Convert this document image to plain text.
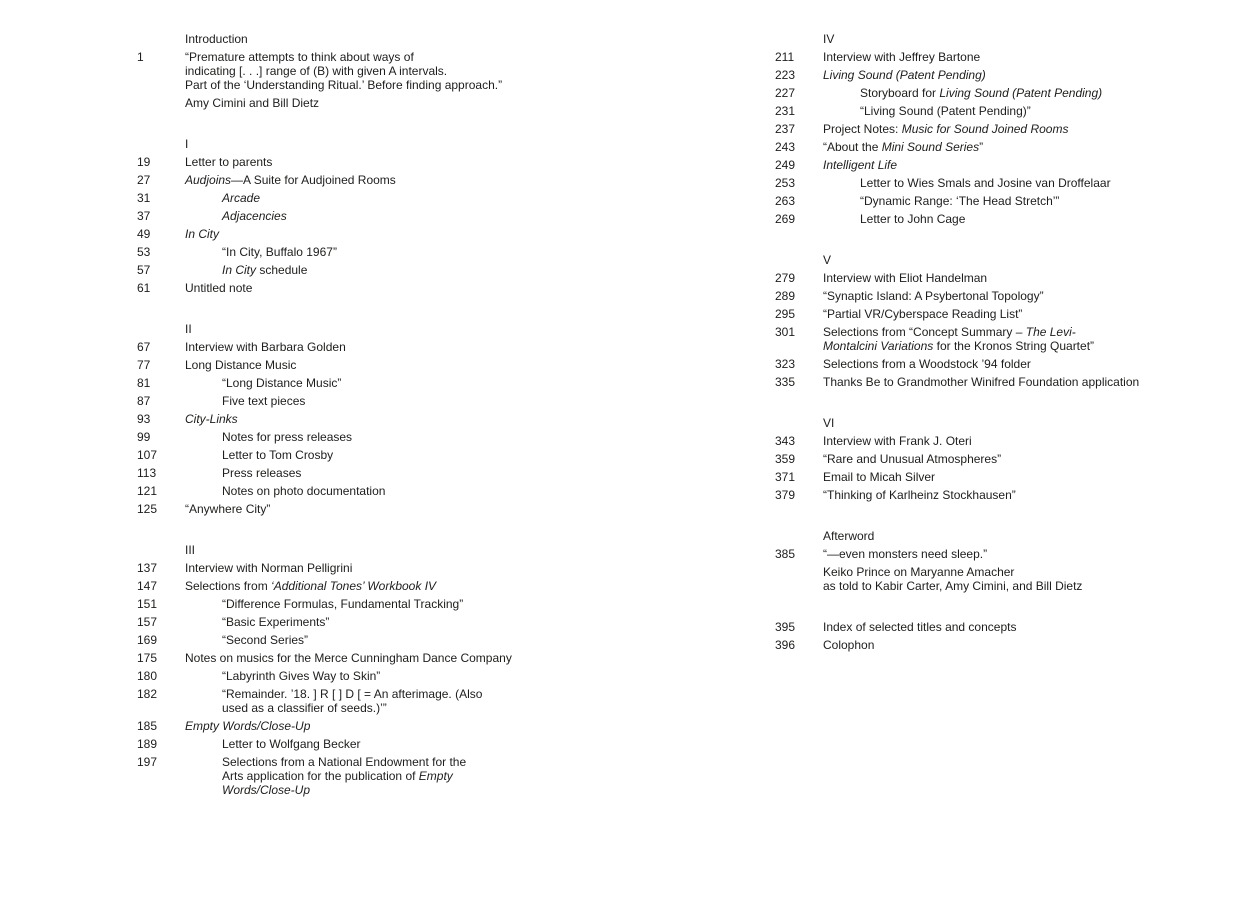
Introduction
1	“Premature attempts to think about ways of
indicating [. . .] range of (B) with given A intervals.
Part of the ‘Understanding Ritual.’ Before finding approach.”
Amy Cimini and Bill Dietz
I
19	Letter to parents
27	Audjoins—A Suite for Audjoined Rooms
31	Arcade
37	Adjacencies
49	In City
53	“In City, Buffalo 1967”
57	In City schedule
61	Untitled note
II
67	Interview with Barbara Golden
77	Long Distance Music
81	“Long Distance Music”
87	Five text pieces
93	City-Links
99	Notes for press releases
107	Letter to Tom Crosby
113	Press releases
121	Notes on photo documentation
125	“Anywhere City”
III
137	Interview with Norman Pelligrini
147	Selections from ‘Additional Tones’ Workbook IV
151	“Difference Formulas, Fundamental Tracking”
157	“Basic Experiments”
169	“Second Series”
175	Notes on musics for the Merce Cunningham Dance Company
180	“Labyrinth Gives Way to Skin”
182	“Remainder. ’18. ] R [ ] D [ = An afterimage. (Also
used as a classifier of seeds.)’”
185	Empty Words/Close-Up
189	Letter to Wolfgang Becker
197	Selections from a National Endowment for the
Arts application for the publication of Empty
Words/Close-Up
IV
211	Interview with Jeffrey Bartone
223	Living Sound (Patent Pending)
227	Storyboard for Living Sound (Patent Pending)
231	“Living Sound (Patent Pending)”
237	Project Notes: Music for Sound Joined Rooms
243	“About the Mini Sound Series”
249	Intelligent Life
253	Letter to Wies Smals and Josine van Droffelaar
263	“Dynamic Range: ‘The Head Stretch’”
269	Letter to John Cage
V
279	Interview with Eliot Handelman
289	“Synaptic Island: A Psybertonal Topology”
295	“Partial VR/Cyberspace Reading List”
301	Selections from “Concept Summary – The Levi-
Montalcini Variations for the Kronos String Quartet”
323	Selections from a Woodstock ’94 folder
335	Thanks Be to Grandmother Winifred Foundation application
VI
343	Interview with Frank J. Oteri
359	“Rare and Unusual Atmospheres”
371	Email to Micah Silver
379	“Thinking of Karlheinz Stockhausen”
Afterword
385	“—even monsters need sleep.”
Keiko Prince on Maryanne Amacher
as told to Kabir Carter, Amy Cimini, and Bill Dietz
395	Index of selected titles and concepts
396	Colophon
